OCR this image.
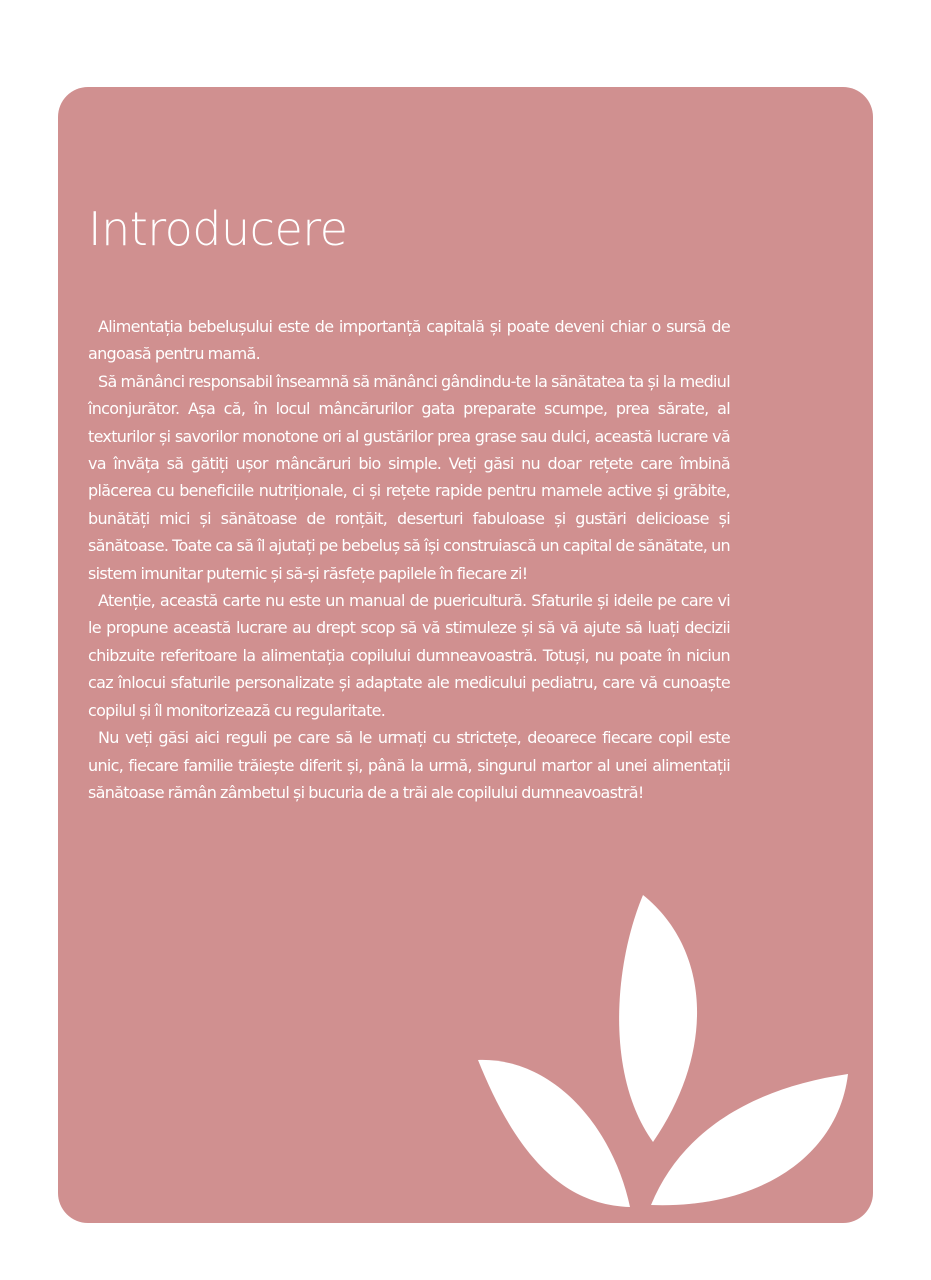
Introducere

Alimentația bebelușului este de importanță capitală și poate deveni chiar o sursă de angoasă pentru mamă.

Să mănânci responsabil înseamnă să mănânci gândindu-te la sănătatea ta și la mediul înconjurător. Așa că, în locul mâncărurilor gata preparate scumpe, prea sărate, al texturilor și savorilor monotone ori al gustărilor prea grase sau dulci, această lucrare vă va învăța să gătiți ușor mâncăruri bio simple. Veți găsi nu doar rețete care îmbină plăcerea cu beneficiile nutriționale, ci și rețete rapide pentru mamele active și grăbite, bunătăți mici și sănătoase de ronțăit, deserturi fabuloase și gustări delicioase și sănătoase. Toate ca să îl ajutați pe bebeluș să își construiască un capital de sănătate, un sistem imunitar puternic și să-și răsfețe papilele în fiecare zi!

Atenție, această carte nu este un manual de puericultură. Sfaturile și ideile pe care vi le propune această lucrare au drept scop să vă stimuleze și să vă ajute să luați decizii chibzuite referitoare la alimentația copilului dumneavoastră. Totuși, nu poate în niciun caz înlocui sfaturile personalizate și adaptate ale medicului pediatru, care vă cunoaște copilul și îl monitorizează cu regularitate.

Nu veți găsi aici reguli pe care să le urmați cu strictețe, deoarece fiecare copil este unic, fiecare familie trăiește diferit și, până la urmă, singurul martor al unei alimentații sănătoase rămân zâmbetul și bucuria de a trăi ale copilului dumneavoastră!
